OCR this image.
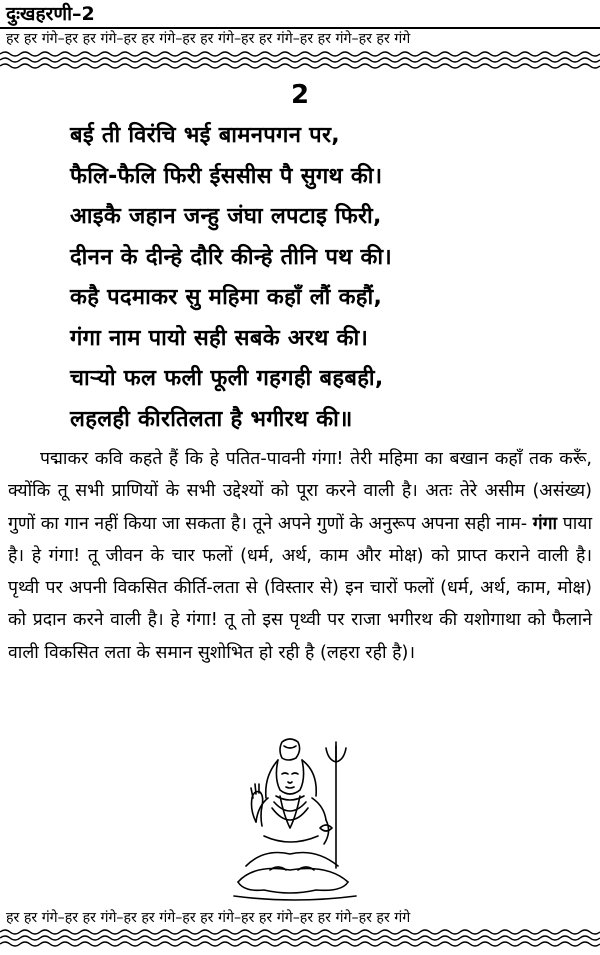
दुःखहरणी–2
हर हर गंगे–हर हर गंगे–हर हर गंगे–हर हर गंगे–हर हर गंगे–हर हर गंगे–हर हर गंगे
2
बई ती विरंचि भई बामनपगन पर,
फैलि-फैलि फिरी ईससीस पै सुगथ की।
आइकै जहान जन्हु जंघा लपटाइ फिरी,
दीनन के दीन्हे दौरि कीन्हे तीनि पथ की।
कहै पदमाकर सु महिमा कहाँ लौं कहौं,
गंगा नाम पायो सही सबके अरथ की।
चार्‍यो फल फली फूली गहगही बहबही,
लहलही कीरतिलता है भगीरथ की॥
पद्माकर कवि कहते हैं कि हे पतित-पावनी गंगा! तेरी महिमा का बखान कहाँ तक करूँ, क्योंकि तू सभी प्राणियों के सभी उद्देश्यों को पूरा करने वाली है। अतः तेरे असीम (असंख्य) गुणों का गान नहीं किया जा सकता है। तूने अपने गुणों के अनुरूप अपना सही नाम- गंगा पाया है। हे गंगा! तू जीवन के चार फलों (धर्म, अर्थ, काम और मोक्ष) को प्राप्त कराने वाली है। पृथ्वी पर अपनी विकसित कीर्ति-लता से (विस्तार से) इन चारों फलों (धर्म, अर्थ, काम, मोक्ष) को प्रदान करने वाली है। हे गंगा! तू तो इस पृथ्वी पर राजा भगीरथ की यशोगाथा को फैलाने वाली विकसित लता के समान सुशोभित हो रही है (लहरा रही है)।
हर हर गंगे–हर हर गंगे–हर हर गंगे–हर हर गंगे–हर हर गंगे–हर हर गंगे–हर हर गंगे
